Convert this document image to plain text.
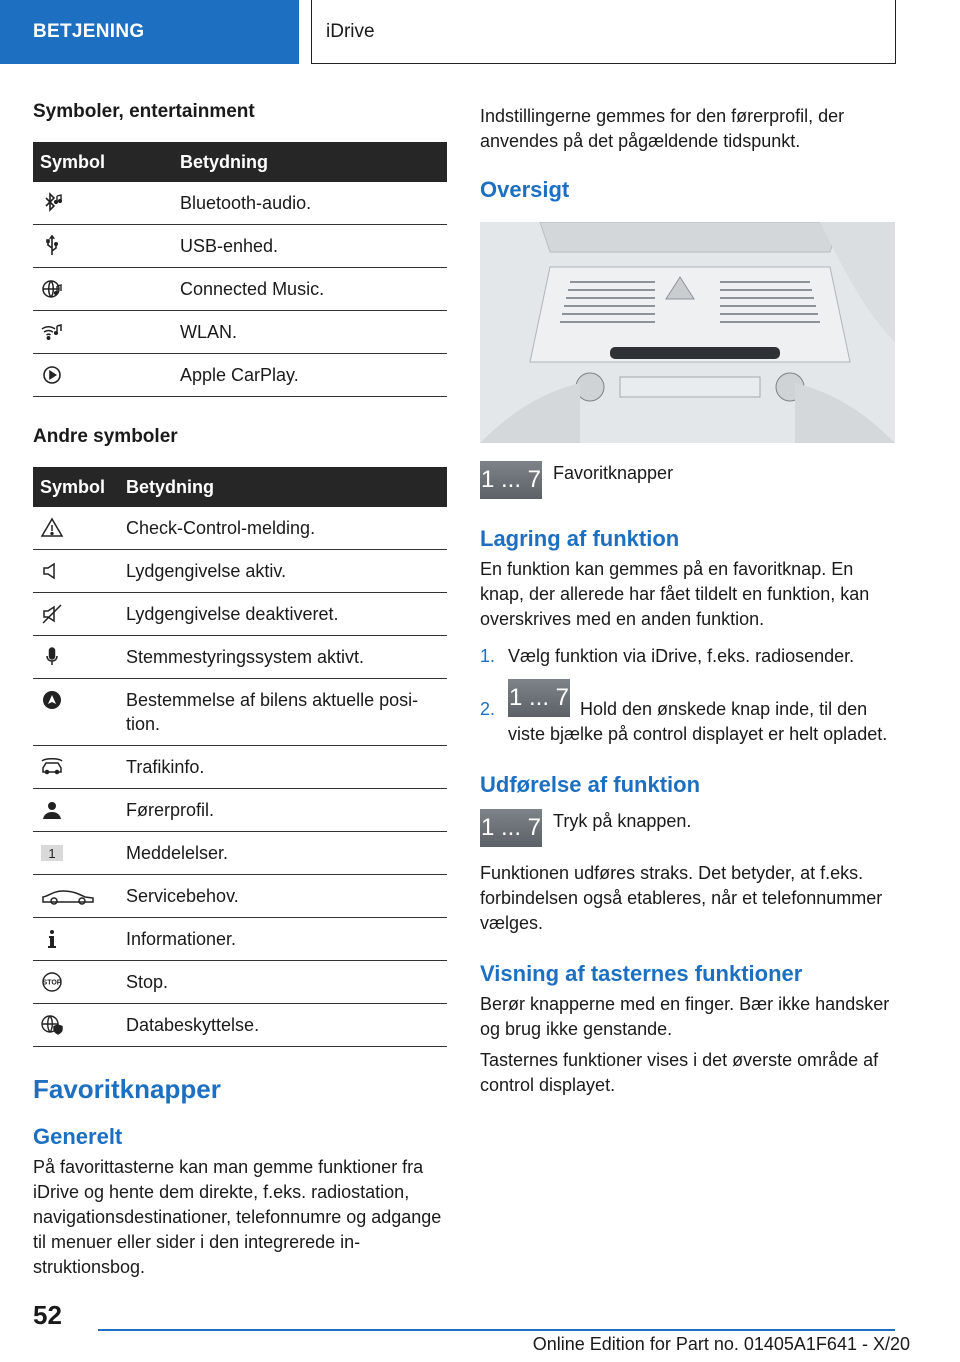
BETJENING	iDrive
Symboler, entertainment
Symbol	Betydning

	Bluetooth-audio.

	USB-enhed.

	Connected Music.

	WLAN.

	Apple CarPlay.
Andre symboler
Symbol	Betydning

	Check-Control-melding.

	Lydgengivelse aktiv.

	Lydgengivelse deaktiveret.

	Stemmestyringssystem aktivt.

	Bestemmelse af bilens aktuelle position.

	Trafikinfo.

	Førerprofil.

1	Meddelelser.

	Servicebehov.

	Informationer.

STOP	Stop.

	Databeskyttelse.
Favoritknapper
Generelt

På favorittasterne kan man gemme funktioner fra iDrive og hente dem direkte, f.eks. radiostation, navigationsdestinationer, telefonnumre og adgange til menuer eller sider i den integrerede instruktionsbog.

Indstillingerne gemmes for den førerprofil, der anvendes på det pågældende tidspunkt.

Oversigt
1 ... 7 Favoritknapper

Lagring af funktion

En funktion kan gemmes på en favoritknap. En knap, der allerede har fået tildelt en funktion, kan overskrives med en anden funktion.

1. Vælg funktion via iDrive, f.eks. radiosender.
2. 1 ... 7 Hold den ønskede knap inde, til den viste bjælke på control displayet er helt opladet.
Udførelse af funktion
1 ... 7 Tryk på knappen.

Funktionen udføres straks. Det betyder, at f.eks. forbindelsen også etableres, når et telefonnummer vælges.

Visning af tasternes funktioner

Berør knapperne med en finger. Bær ikke handsker og brug ikke genstande.

Tasternes funktioner vises i det øverste område af control displayet.

52
Online Edition for Part no. 01405A1F641 - X/20
